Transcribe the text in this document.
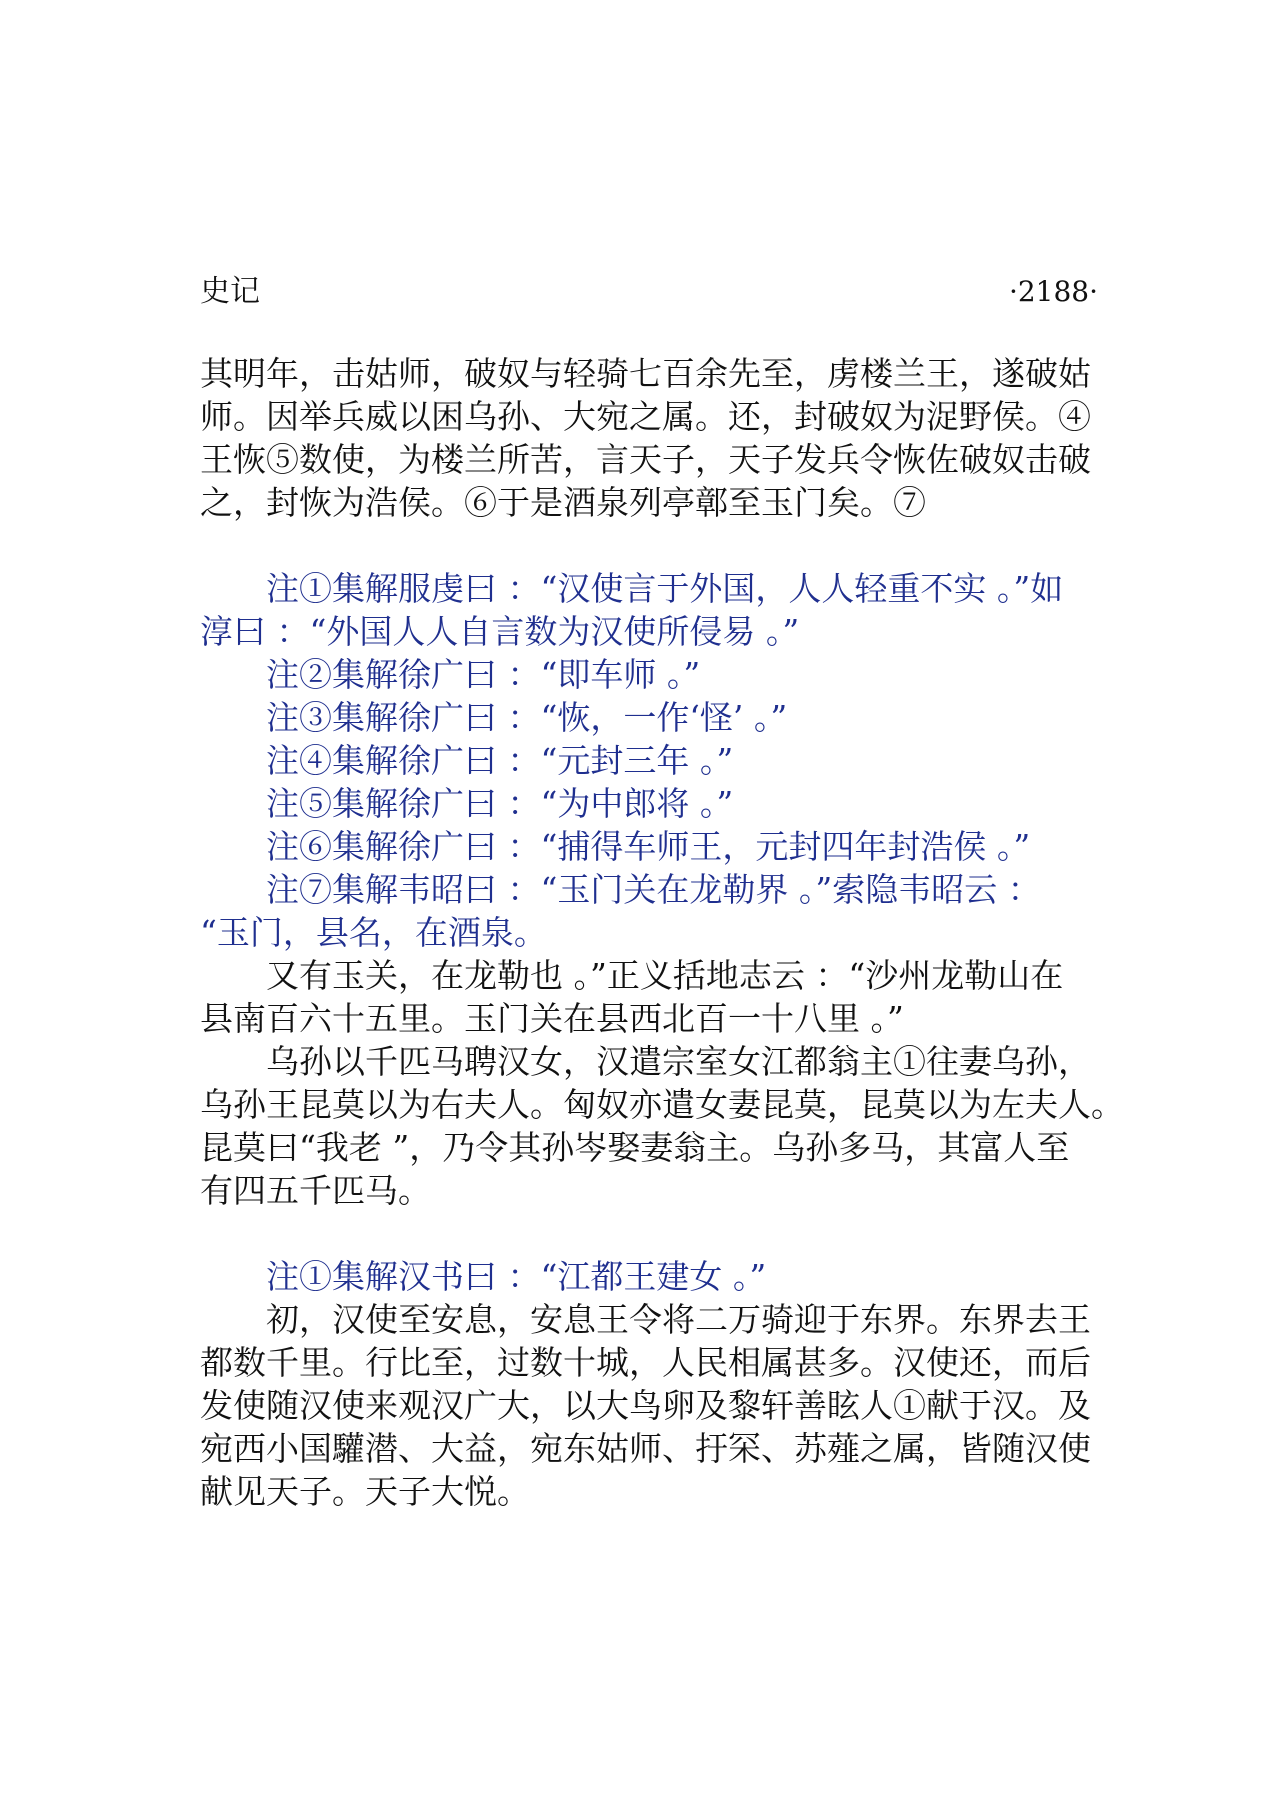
史记	·2188·
其明年，击姑师，破奴与轻骑七百余先至，虏楼兰王，遂破姑
师。因举兵威以困乌孙、大宛之属。还，封破奴为浞野侯。④
王恢⑤数使，为楼兰所苦，言天子，天子发兵令恢佐破奴击破
之，封恢为浩侯。⑥于是酒泉列亭鄣至玉门矣。⑦
注①集解服虔曰 ：“汉使言于外国，人人轻重不实 。”如
淳曰 ：“外国人人自言数为汉使所侵易 。”
注②集解徐广曰 ：“即车师 。”
注③集解徐广曰 ：“恢，一作‘怪’ 。”
注④集解徐广曰 ：“元封三年 。”
注⑤集解徐广曰 ：“为中郎将 。”
注⑥集解徐广曰 ：“捕得车师王，元封四年封浩侯 。”
注⑦集解韦昭曰 ：“玉门关在龙勒界 。”索隐韦昭云 ：
“玉门，县名，在酒泉。
又有玉关，在龙勒也 。”正义括地志云 ：“沙州龙勒山在
县南百六十五里。玉门关在县西北百一十八里 。”
乌孙以千匹马聘汉女，汉遣宗室女江都翁主①往妻乌孙，
乌孙王昆莫以为右夫人。匈奴亦遣女妻昆莫，昆莫以为左夫人。
昆莫曰“我老 ”，乃令其孙岑娶妻翁主。乌孙多马，其富人至
有四五千匹马。
注①集解汉书曰 ：“江都王建女 。”
初，汉使至安息，安息王令将二万骑迎于东界。东界去王
都数千里。行比至，过数十城，人民相属甚多。汉使还，而后
发使随汉使来观汉广大，以大鸟卵及黎轩善眩人①献于汉。及
宛西小国驩潜、大益，宛东姑师、扜罙、苏薤之属，皆随汉使
献见天子。天子大悦。
